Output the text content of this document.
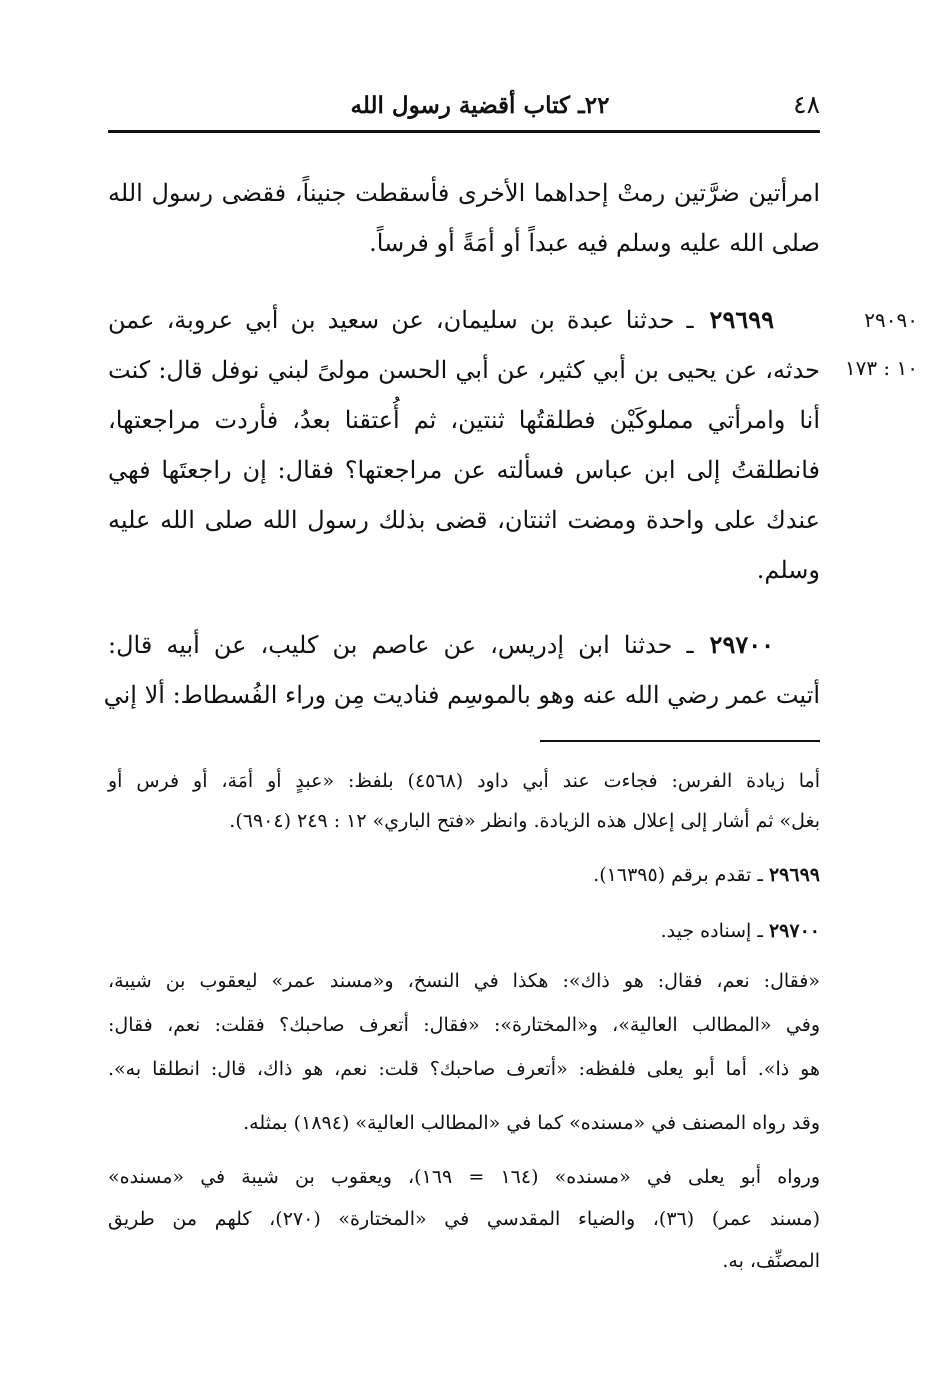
٤٨
٢٢ـ كتاب أقضية رسول الله
٢٩٠٩٠
١٠ : ١٧٣
امرأتين ضرَّتين رمتْ إحداهما الأخرى فأسقطت جنيناً، فقضى رسول الله
صلى الله عليه وسلم فيه عبداً أو أمَةً أو فرساً.
٢٩٦٩٩
ـ حدثنا عبدة بن سليمان، عن سعيد بن أبي عروبة، عمن
حدثه، عن يحيى بن أبي كثير، عن أبي الحسن مولىً لبني نوفل قال: كنت
أنا وامرأتي مملوكَيْن فطلقتُها ثنتين، ثم أُعتقنا بعدُ، فأردت مراجعتها،
فانطلقتُ إلى ابن عباس فسألته عن مراجعتها؟ فقال: إن راجعتَها فهي
عندك على واحدة ومضت اثنتان، قضى بذلك رسول الله صلى الله عليه
وسلم.
٢٩٧٠٠
ـ حدثنا ابن إدريس، عن عاصم بن كليب، عن أبيه قال:
أتيت عمر رضي الله عنه وهو بالموسِم فناديت مِن وراء الفُسطاط: ألا إني
أما زيادة الفرس: فجاءت عند أبي داود (٤٥٦٨) بلفظ: «عبدٍ أو أمَة، أو فرس أو
بغل» ثم أشار إلى إعلال هذه الزيادة. وانظر «فتح الباري» ١٢ : ٢٤٩ (٦٩٠٤).
٢٩٦٩٩ ـ تقدم برقم (١٦٣٩٥).
٢٩٧٠٠ ـ إسناده جيد.
«فقال: نعم، فقال: هو ذاك»: هكذا في النسخ، و«مسند عمر» ليعقوب بن شيبة،
وفي «المطالب العالية»، و«المختارة»: «فقال: أتعرف صاحبك؟ فقلت: نعم، فقال:
هو ذا». أما أبو يعلى فلفظه: «أتعرف صاحبك؟ قلت: نعم، هو ذاك، قال: انطلقا به».
وقد رواه المصنف في «مسنده» كما في «المطالب العالية» (١٨٩٤) بمثله.
ورواه أبو يعلى في «مسنده» (١٦٤ = ١٦٩)، ويعقوب بن شيبة في «مسنده»
(مسند عمر) (٣٦)، والضياء المقدسي في «المختارة» (٢٧٠)، كلهم من طريق
المصنِّف، به.
